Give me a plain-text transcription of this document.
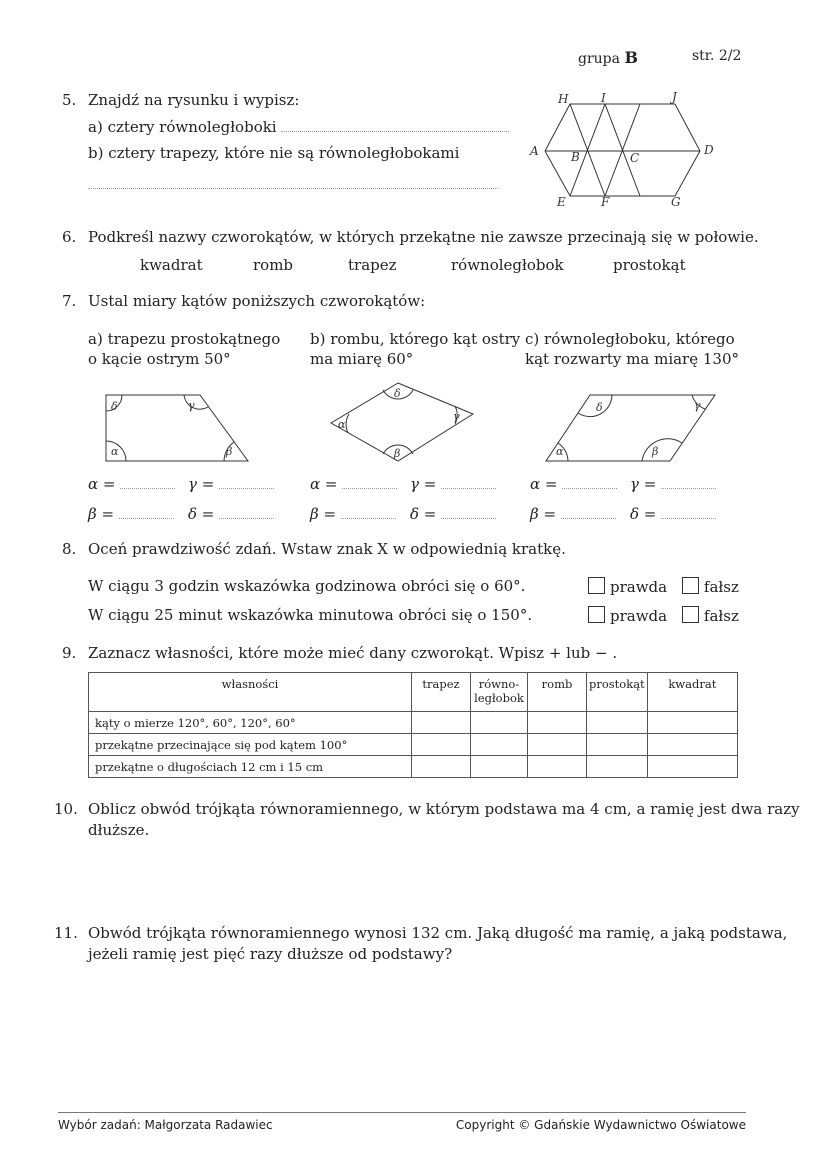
grupa B	str. 2/2
5. Znajdź na rysunku i wypisz:
a) cztery równoległoboki
b) cztery trapezy, które nie są równoległobokami
H	I	J
A	B	C
D
E	F	G
6. Podkreśl nazwy czworokątów, w których przekątne nie zawsze przecinają się w połowie.
kwadrat	romb	trapez	równoległobok	prostokąt
7. Ustal miary kątów poniższych czworokątów:
a) trapezu prostokątnego
o kącie ostrym 50°
b) rombu, którego kąt ostry
ma miarę 60°
c) równoległoboku, którego
kąt rozwarty ma miarę 130°
δ	γ
α	β
δ
β
α
γ
δ	γ
α	β
α =	γ =
β =	δ =
α =	γ =
β =	δ =
α =	γ =
β =	δ =
8. Oceń prawdziwość zdań. Wstaw znak X w odpowiednią kratkę.
W ciągu 3 godzin wskazówka godzinowa obróci się o 60°.	prawda fałsz
W ciągu 25 minut wskazówka minutowa obróci się o 150°.	prawda fałsz
9. Zaznacz własności, które może mieć dany czworokąt. Wpisz + lub − .
własności	trapez	równo-
ległobok	romb	prostokąt	kwadrat
kąty o mierze 120°, 60°, 120°, 60°					
przekątne przecinające się pod kątem 100°					
przekątne o długościach 12 cm i 15 cm					
10. Oblicz obwód trójkąta równoramiennego, w którym podstawa ma 4 cm, a ramię jest dwa razy
dłuższe.
11. Obwód trójkąta równoramiennego wynosi 132 cm. Jaką długość ma ramię, a jaką podstawa,
jeżeli ramię jest pięć razy dłuższe od podstawy?
Wybór zadań: Małgorzata Radawiec	Copyright © Gdańskie Wydawnictwo Oświatowe
